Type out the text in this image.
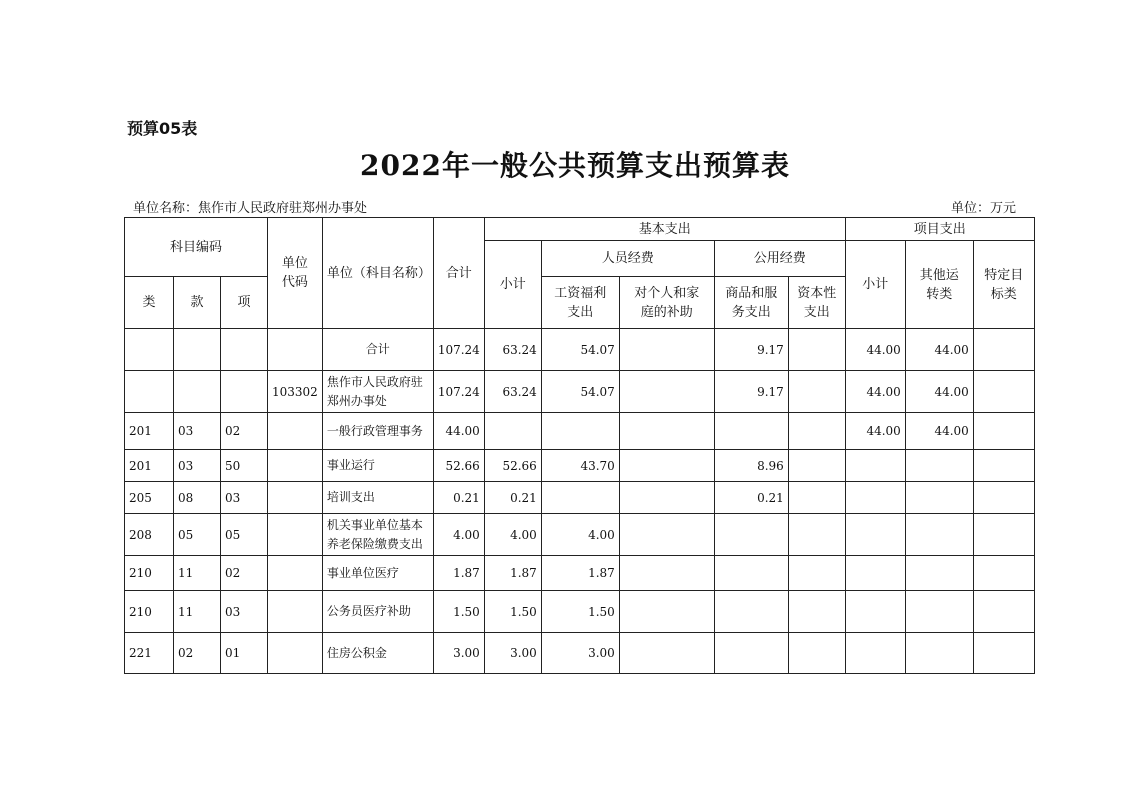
预算05表
2022年一般公共预算支出预算表
单位名称：焦作市人民政府驻郑州办事处	单位：万元
科目编码			单位代码	单位（科目名称）	合计	基本支出					项目支出		
						小计	人员经费		公用经费		小计	其他运转类	特定目标类
类	款	项					工资福利支出	对个人和家庭的补助	商品和服务支出	资本性支出			
				合计	107.24	63.24	54.07		9.17		44.00	44.00	
			103302	焦作市人民政府驻郑州办事处	107.24	63.24	54.07		9.17		44.00	44.00	
201	03	02		一般行政管理事务	44.00						44.00	44.00	
201	03	50		事业运行	52.66	52.66	43.70		8.96				
205	08	03		培训支出	0.21	0.21			0.21				
208	05	05		机关事业单位基本养老保险缴费支出	4.00	4.00	4.00						
210	11	02		事业单位医疗	1.87	1.87	1.87						
210	11	03		公务员医疗补助	1.50	1.50	1.50						
221	02	01		住房公积金	3.00	3.00	3.00						
